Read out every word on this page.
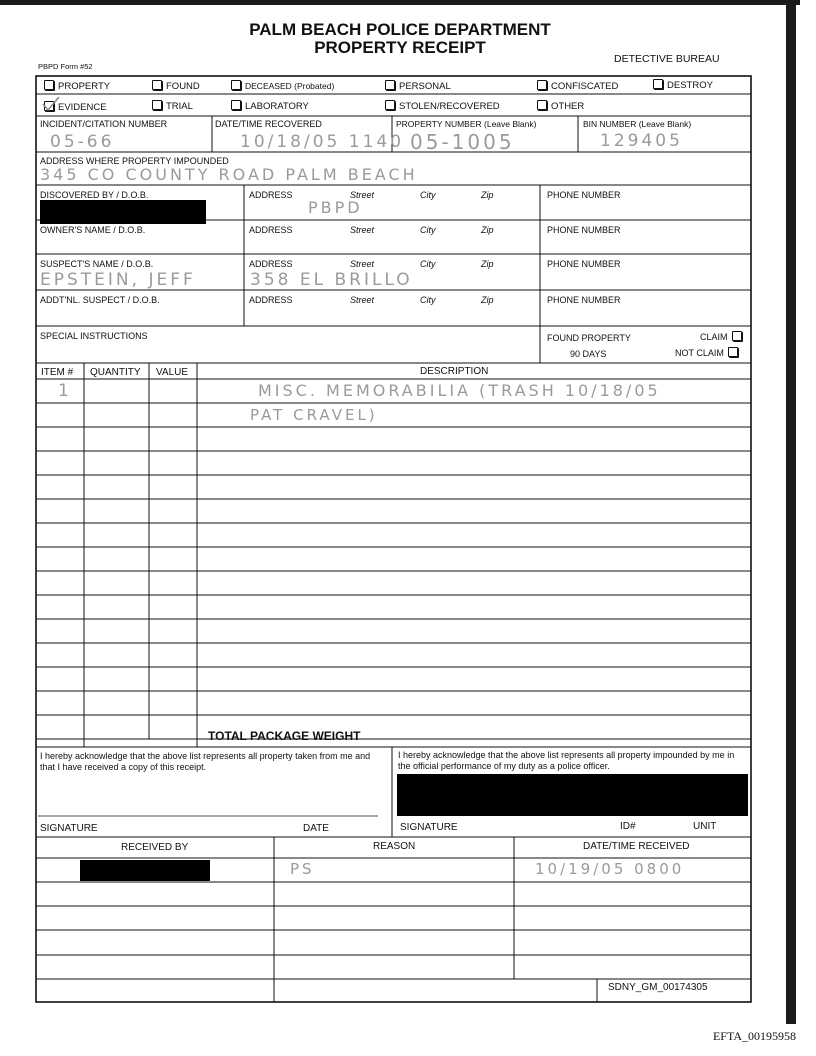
PALM BEACH POLICE DEPARTMENT
PROPERTY RECEIPT
PBPD Form #52
DETECTIVE BUREAU
PROPERTY	FOUND	DECEASED (Probated)	PERSONAL	CONFISCATED	DESTROY
EVIDENCE	TRIAL	LABORATORY	STOLEN/RECOVERED	OTHER
INCIDENT/CITATION NUMBER
05-66
DATE/TIME RECOVERED
10/18/05 1140
PROPERTY NUMBER (Leave Blank)
05-1005
BIN NUMBER (Leave Blank)
129405
ADDRESS WHERE PROPERTY IMPOUNDED
345 CO COUNTY ROAD PALM BEACH
DISCOVERED BY / D.O.B.	ADDRESS	Street	City	Zip
PBPD
PHONE NUMBER
OWNER'S NAME / D.O.B.	ADDRESS	Street	City	Zip	PHONE NUMBER
SUSPECT'S NAME / D.O.B.
EPSTEIN, JEFF
ADDRESS	Street	City	Zip
358 EL BRILLO
PHONE NUMBER
ADDT'NL. SUSPECT / D.O.B.	ADDRESS	Street	City	Zip	PHONE NUMBER
SPECIAL INSTRUCTIONS	FOUND PROPERTY
90 DAYS
CLAIM
NOT CLAIM
ITEM # QUANTITY VALUE	DESCRIPTION
1	MISC. MEMORABILIA (TRASH 10/18/05
PAT CRAVEL)
TOTAL PACKAGE WEIGHT
I hereby acknowledge that the above list represents all property taken from me and that I have received a copy of this receipt.
I hereby acknowledge that the above list represents all property impounded by me in the official performance of my duty as a police officer.
SIGNATURE	DATE	SIGNATURE	ID#	UNIT
RECEIVED BY	REASON	DATE/TIME RECEIVED
PS	10/19/05 0800
SDNY_GM_00174305
EFTA_00195958
